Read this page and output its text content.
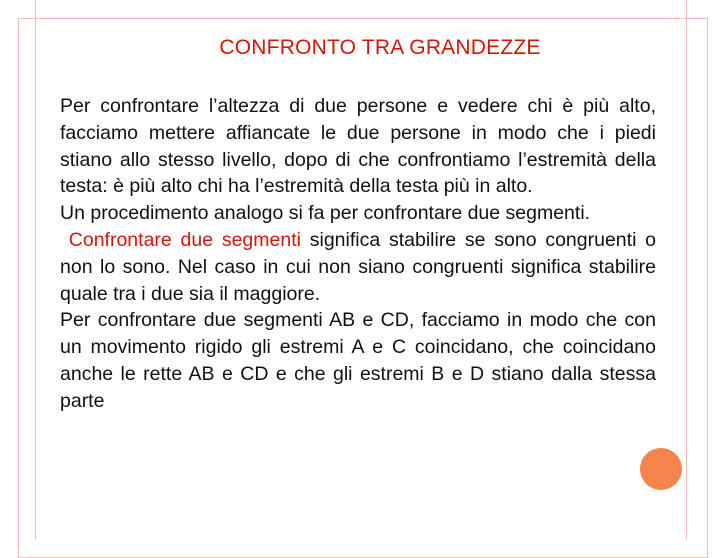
CONFRONTO TRA GRANDEZZE

Per confrontare l’altezza di due persone e vedere chi è più alto, facciamo mettere affiancate le due persone in modo che i piedi stiano allo stesso livello, dopo di che confrontiamo l’estremità della testa: è più alto chi ha l’estremità della testa più in alto.

Un procedimento analogo si fa per confrontare due segmenti.

Confrontare due segmenti significa stabilire se sono congruenti o non lo sono. Nel caso in cui non siano congruenti significa stabilire quale tra i due sia il maggiore.

Per confrontare due segmenti AB e CD, facciamo in modo che con un movimento rigido gli estremi A e C coincidano, che coincidano anche le rette AB e CD e che gli estremi B e D stiano dalla stessa parte
